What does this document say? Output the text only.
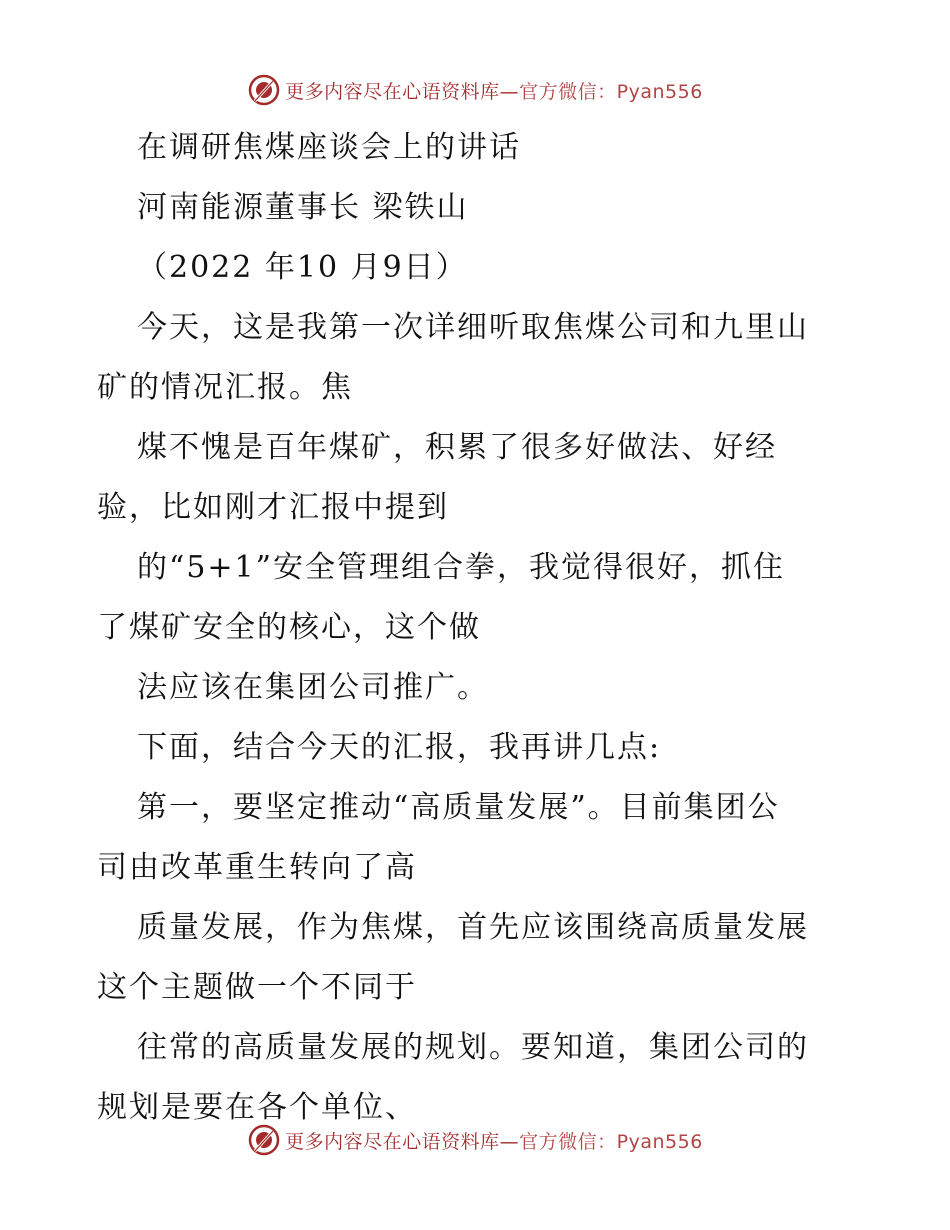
更多内容尽在心语资料库—官方微信：Pyan556

在调研焦煤座谈会上的讲话

河南能源董事长 梁铁山

（2022 年10 月9日）

今天，这是我第一次详细听取焦煤公司和九里山

矿的情况汇报。焦

煤不愧是百年煤矿，积累了很多好做法、好经

验，比如刚才汇报中提到

的“5+1”安全管理组合拳，我觉得很好，抓住

了煤矿安全的核心，这个做

法应该在集团公司推广。

下面，结合今天的汇报，我再讲几点:

第一，要坚定推动“高质量发展”。目前集团公

司由改革重生转向了高

质量发展，作为焦煤，首先应该围绕高质量发展

这个主题做一个不同于

往常的高质量发展的规划。要知道，集团公司的

规划是要在各个单位、

更多内容尽在心语资料库—官方微信：Pyan556
